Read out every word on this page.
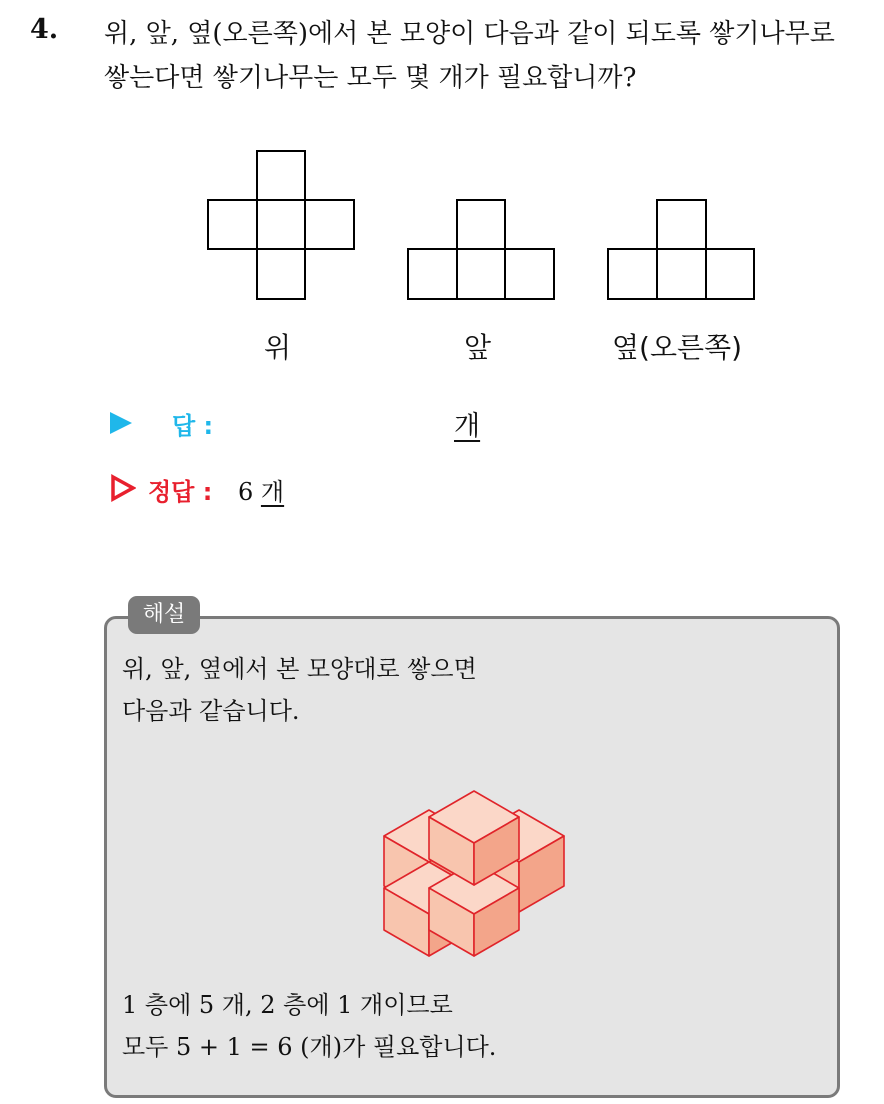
4. 위, 앞, 옆(오른쪽)에서 본 모양이 다음과 같이 되도록 쌓기나무로
쌓는다면 쌓기나무는 모두 몇 개가 필요합니까?
위	앞	옆(오른쪽)
답 :	개
정답 : 6 개
해설
위, 앞, 옆에서 본 모양대로 쌓으면
다음과 같습니다.
1 층에 5 개, 2 층에 1 개이므로
모두 5 + 1 = 6 (개)가 필요합니다.
